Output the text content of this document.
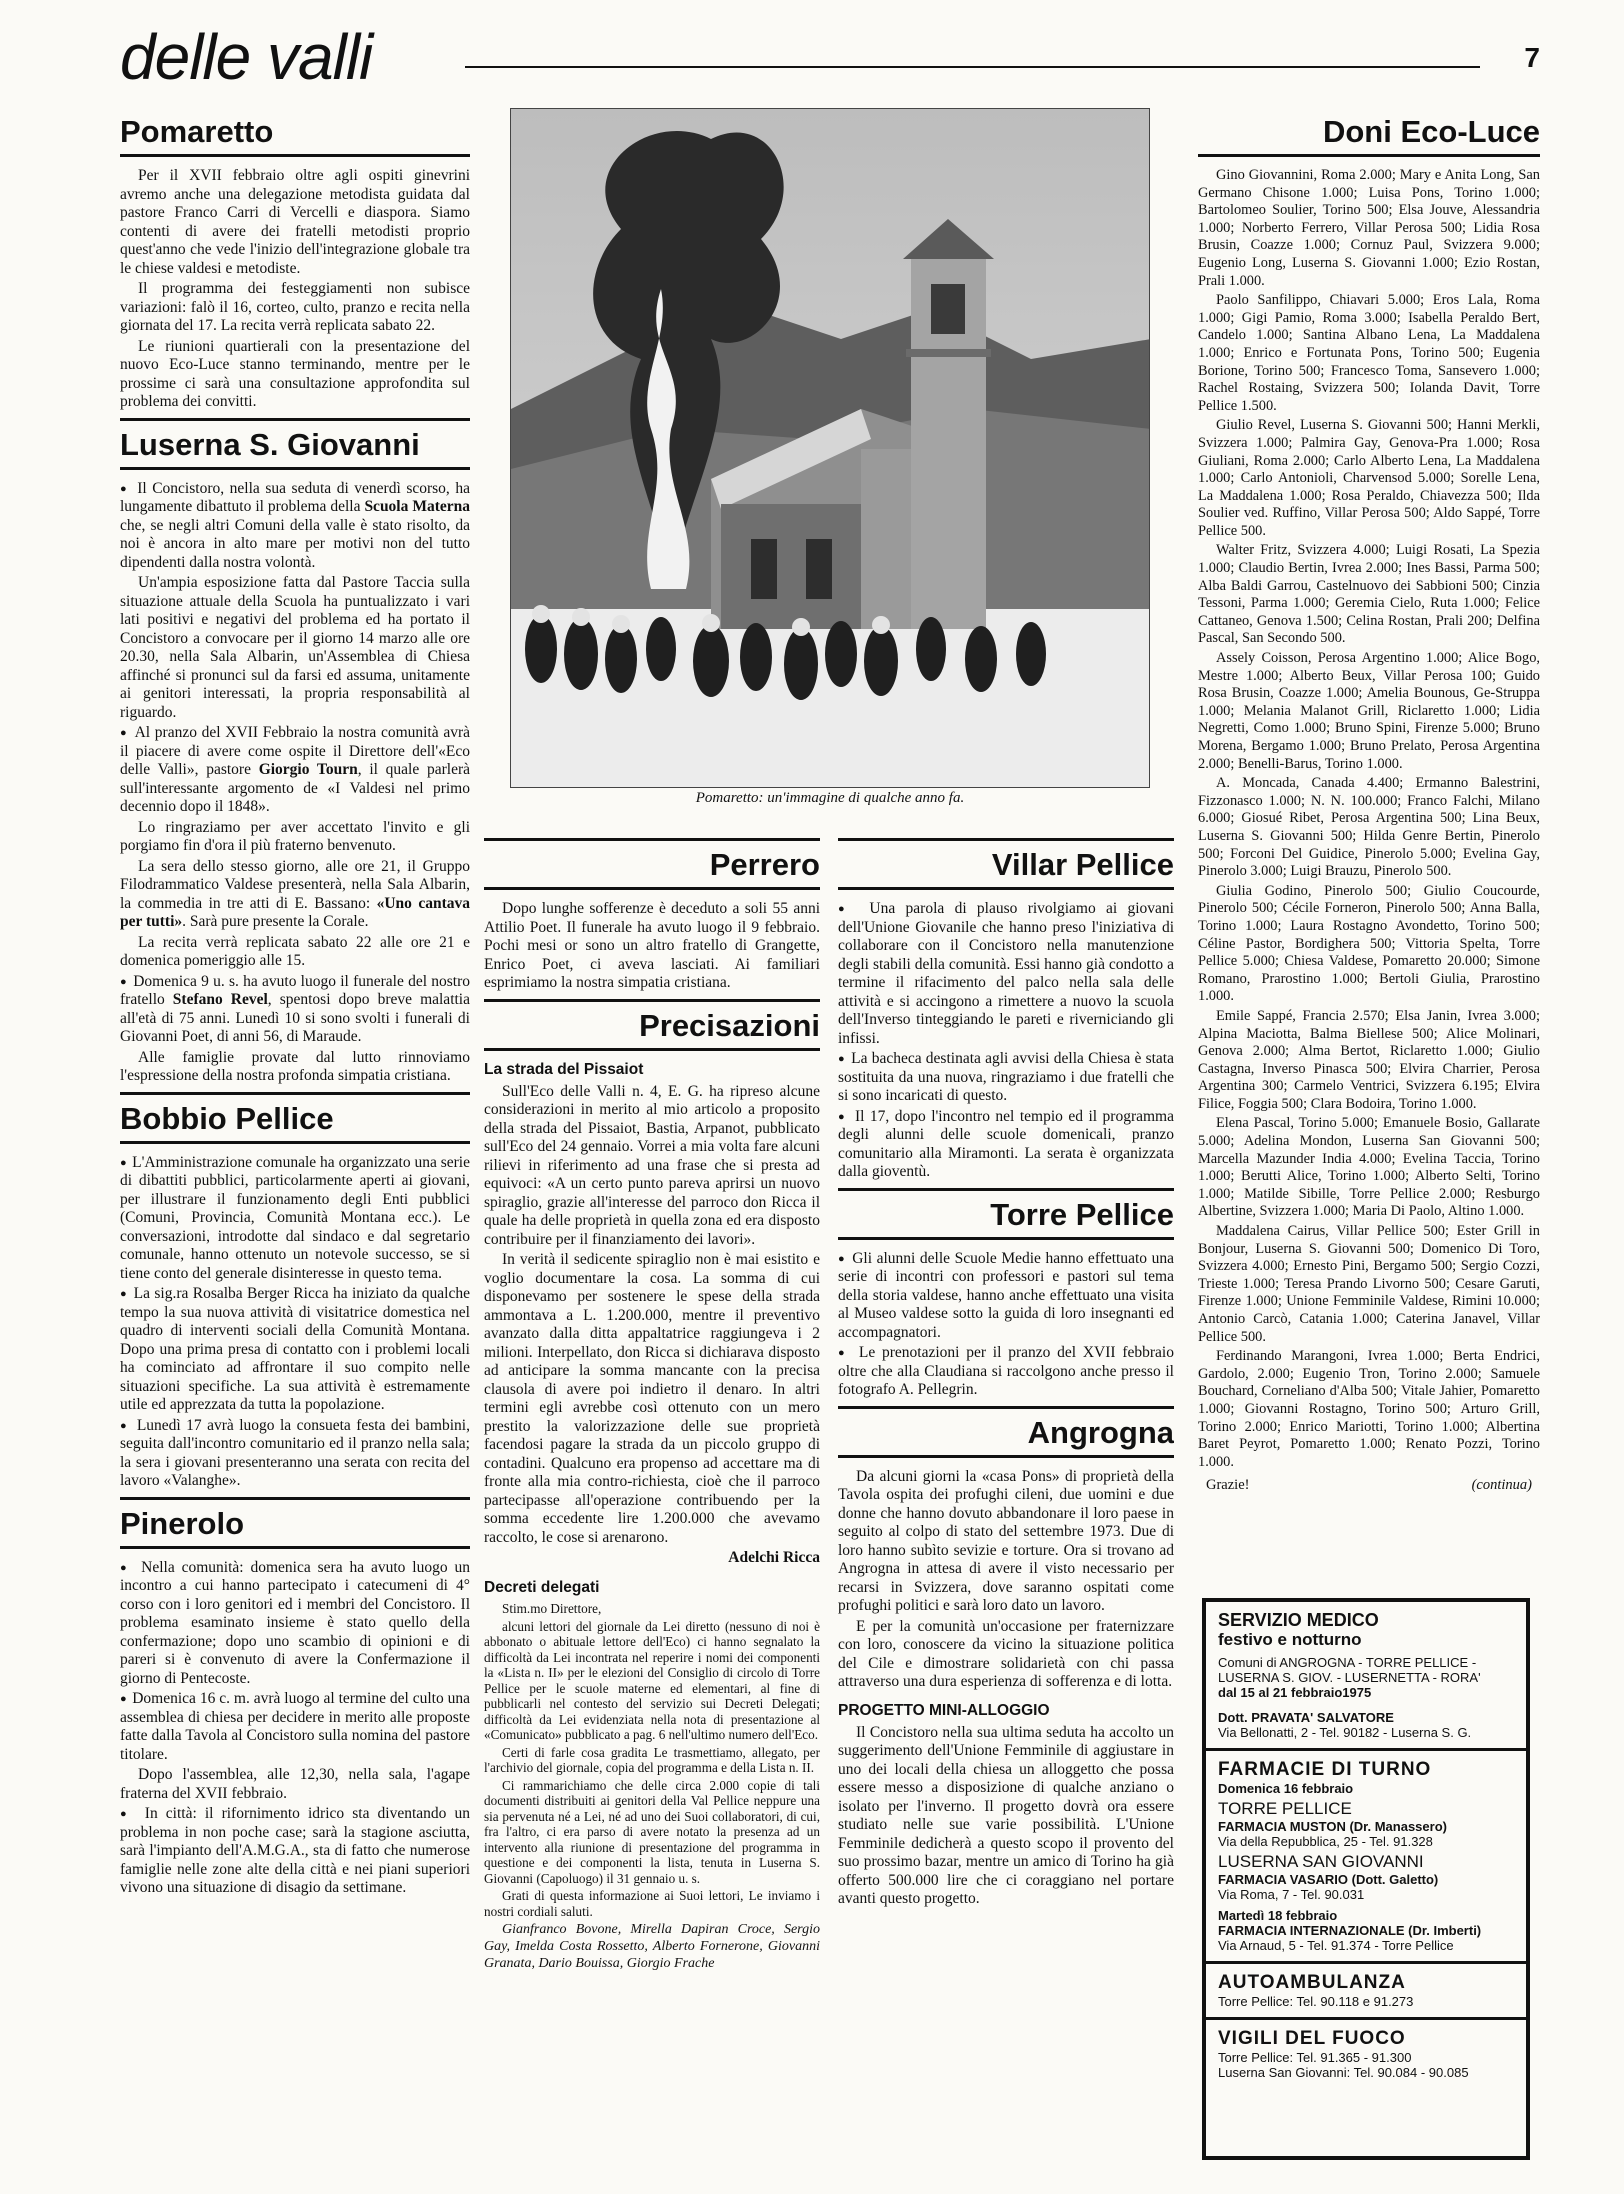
delle valli	7
Pomaretto

Per il XVII febbraio oltre agli ospiti ginevrini avremo anche una delegazione metodista guidata dal pastore Franco Carri di Vercelli e diaspora. Siamo contenti di avere dei fratelli metodisti proprio quest'anno che vede l'inizio dell'integrazione globale tra le chiese valdesi e metodiste.

Il programma dei festeggiamenti non subisce variazioni: falò il 16, corteo, culto, pranzo e recita nella giornata del 17. La recita verrà replicata sabato 22.

Le riunioni quartierali con la presentazione del nuovo Eco-Luce stanno terminando, mentre per le prossime ci sarà una consultazione approfondita sul problema dei convitti.

Luserna S. Giovanni

●  Il Concistoro, nella sua seduta di venerdì scorso, ha lungamente dibattuto il problema della Scuola Materna che, se negli altri Comuni della valle è stato risolto, da noi è ancora in alto mare per motivi non del tutto dipendenti dalla nostra volontà.

Un'ampia esposizione fatta dal Pastore Taccia sulla situazione attuale della Scuola ha puntualizzato i vari lati positivi e negativi del problema ed ha portato il Concistoro a convocare per il giorno 14 marzo alle ore 20.30, nella Sala Albarin, un'Assemblea di Chiesa affinché si pronunci sul da farsi ed assuma, unitamente ai genitori interessati, la propria responsabilità al riguardo.

●  Al pranzo del XVII Febbraio la nostra comunità avrà il piacere di avere come ospite il Direttore dell'«Eco delle Valli», pastore Giorgio Tourn, il quale parlerà sull'interessante argomento de «I Valdesi nel primo decennio dopo il 1848».

Lo ringraziamo per aver accettato l'invito e gli porgiamo fin d'ora il più fraterno benvenuto.

La sera dello stesso giorno, alle ore 21, il Gruppo Filodrammatico Valdese presenterà, nella Sala Albarin, la commedia in tre atti di E. Bassano: «Uno cantava per tutti». Sarà pure presente la Corale.

La recita verrà replicata sabato 22 alle ore 21 e domenica pomeriggio alle 15.

●  Domenica 9 u. s. ha avuto luogo il funerale del nostro fratello Stefano Revel, spentosi dopo breve malattia all'età di 75 anni. Lunedì 10 si sono svolti i funerali di Giovanni Poet, di anni 56, di Maraude.

Alle famiglie provate dal lutto rinnoviamo l'espressione della nostra profonda simpatia cristiana.

Bobbio Pellice

●  L'Amministrazione comunale ha organizzato una serie di dibattiti pubblici, particolarmente aperti ai giovani, per illustrare il funzionamento degli Enti pubblici (Comuni, Provincia, Comunità Montana ecc.). Le conversazioni, introdotte dal sindaco e dal segretario comunale, hanno ottenuto un notevole successo, se si tiene conto del generale disinteresse in questo tema.

●  La sig.ra Rosalba Berger Ricca ha iniziato da qualche tempo la sua nuova attività di visitatrice domestica nel quadro di interventi sociali della Comunità Montana. Dopo una prima presa di contatto con i problemi locali ha cominciato ad affrontare il suo compito nelle situazioni specifiche. La sua attività è estremamente utile ed apprezzata da tutta la popolazione.

●  Lunedì 17 avrà luogo la consueta festa dei bambini, seguita dall'incontro comunitario ed il pranzo nella sala; la sera i giovani presenteranno una serata con recita del lavoro «Valanghe».

Pinerolo

●  Nella comunità: domenica sera ha avuto luogo un incontro a cui hanno partecipato i catecumeni di 4° corso con i loro genitori ed i membri del Concistoro. Il problema esaminato insieme è stato quello della confermazione; dopo uno scambio di opinioni e di pareri si è convenuto di avere la Confermazione il giorno di Pentecoste.

●  Domenica 16 c. m. avrà luogo al termine del culto una assemblea di chiesa per decidere in merito alle proposte fatte dalla Tavola al Concistoro sulla nomina del pastore titolare.

Dopo l'assemblea, alle 12,30, nella sala, l'agape fraterna del XVII febbraio.

●  In città: il rifornimento idrico sta diventando un problema in non poche case; sarà la stagione asciutta, sarà l'impianto dell'A.M.G.A., sta di fatto che numerose famiglie nelle zone alte della città e nei piani superiori vivono una situazione di disagio da settimane.

Pomaretto: un'immagine di qualche anno fa.
Perrero

Dopo lunghe sofferenze è deceduto a soli 55 anni Attilio Poet. Il funerale ha avuto luogo il 9 febbraio. Pochi mesi or sono un altro fratello di Grangette, Enrico Poet, ci aveva lasciati. Ai familiari esprimiamo la nostra simpatia cristiana.

Precisazioni
La strada del Pissaiot

Sull'Eco delle Valli n. 4, E. G. ha ripreso alcune considerazioni in merito al mio articolo a proposito della strada del Pissaiot, Bastia, Arpanot, pubblicato sull'Eco del 24 gennaio. Vorrei a mia volta fare alcuni rilievi in riferimento ad una frase che si presta ad equivoci: «A un certo punto pareva aprirsi un nuovo spiraglio, grazie all'interesse del parroco don Ricca il quale ha delle proprietà in quella zona ed era disposto contribuire per il finanziamento dei lavori».

In verità il sedicente spiraglio non è mai esistito e voglio documentare la cosa. La somma di cui disponevamo per sostenere le spese della strada ammontava a L. 1.200.000, mentre il preventivo avanzato dalla ditta appaltatrice raggiungeva i 2 milioni. Interpellato, don Ricca si dichiarava disposto ad anticipare la somma mancante con la precisa clausola di avere poi indietro il denaro. In altri termini egli avrebbe così ottenuto con un mero prestito la valorizzazione delle sue proprietà facendosi pagare la strada da un piccolo gruppo di contadini. Qualcuno era propenso ad accettare ma di fronte alla mia contro-richiesta, cioè che il parroco partecipasse all'operazione contribuendo per la somma eccedente lire 1.200.000 che avevamo raccolto, le cose si arenarono.

Adelchi Ricca
Decreti delegati

Stim.mo Direttore,

alcuni lettori del giornale da Lei diretto (nessuno di noi è abbonato o abituale lettore dell'Eco) ci hanno segnalato la difficoltà da Lei incontrata nel reperire i nomi dei componenti la «Lista n. II» per le elezioni del Consiglio di circolo di Torre Pellice per le scuole materne ed elementari, al fine di pubblicarli nel contesto del servizio sui Decreti Delegati; difficoltà da Lei evidenziata nella nota di presentazione al «Comunicato» pubblicato a pag. 6 nell'ultimo numero dell'Eco.

Certi di farle cosa gradita Le trasmettiamo, allegato, per l'archivio del giornale, copia del programma e della Lista n. II.

Ci rammarichiamo che delle circa 2.000 copie di tali documenti distribuiti ai genitori della Val Pellice neppure una sia pervenuta né a Lei, né ad uno dei Suoi collaboratori, di cui, fra l'altro, ci era parso di avere notato la presenza ad un intervento alla riunione di presentazione del programma in questione e dei componenti la lista, tenuta in Luserna S. Giovanni (Capoluogo) il 31 gennaio u. s.

Grati di questa informazione ai Suoi lettori, Le inviamo i nostri cordiali saluti.

Gianfranco Bovone, Mirella Dapiran Croce, Sergio Gay, Imelda Costa Rossetto, Alberto Fornerone, Giovanni Granata, Dario Bouissa, Giorgio Frache
Villar Pellice

●  Una parola di plauso rivolgiamo ai giovani dell'Unione Giovanile che hanno preso l'iniziativa di collaborare con il Concistoro nella manutenzione degli stabili della comunità. Essi hanno già condotto a termine il rifacimento del palco nella sala delle attività e si accingono a rimettere a nuovo la scuola dell'Inverso tinteggiando le pareti e riverniciando gli infissi.

●  La bacheca destinata agli avvisi della Chiesa è stata sostituita da una nuova, ringraziamo i due fratelli che si sono incaricati di questo.

●  Il 17, dopo l'incontro nel tempio ed il programma degli alunni delle scuole domenicali, pranzo comunitario alla Miramonti. La serata è organizzata dalla gioventù.

Torre Pellice

●  Gli alunni delle Scuole Medie hanno effettuato una serie di incontri con professori e pastori sul tema della storia valdese, hanno anche effettuato una visita al Museo valdese sotto la guida di loro insegnanti ed accompagnatori.

●  Le prenotazioni per il pranzo del XVII febbraio oltre che alla Claudiana si raccolgono anche presso il fotografo A. Pellegrin.

Angrogna

Da alcuni giorni la «casa Pons» di proprietà della Tavola ospita dei profughi cileni, due uomini e due donne che hanno dovuto abbandonare il loro paese in seguito al colpo di stato del settembre 1973. Due di loro hanno subìto sevizie e torture. Ora si trovano ad Angrogna in attesa di avere il visto necessario per recarsi in Svizzera, dove saranno ospitati come profughi politici e sarà loro dato un lavoro.

E per la comunità un'occasione per fraternizzare con loro, conoscere da vicino la situazione politica del Cile e dimostrare solidarietà con chi passa attraverso una dura esperienza di sofferenza e di lotta.

PROGETTO MINI-ALLOGGIO

Il Concistoro nella sua ultima seduta ha accolto un suggerimento dell'Unione Femminile di aggiustare in uno dei locali della chiesa un alloggetto che possa essere messo a disposizione di qualche anziano o isolato per l'inverno. Il progetto dovrà ora essere studiato nelle sue varie possibilità. L'Unione Femminile dedicherà a questo scopo il provento del suo prossimo bazar, mentre un amico di Torino ha già offerto 500.000 lire che ci coraggiano nel portare avanti questo progetto.

Doni Eco-Luce

Gino Giovannini, Roma 2.000; Mary e Anita Long, San Germano Chisone 1.000; Luisa Pons, Torino 1.000; Bartolomeo Soulier, Torino 500; Elsa Jouve, Alessandria 1.000; Norberto Ferrero, Villar Perosa 500; Lidia Rosa Brusin, Coazze 1.000; Cornuz Paul, Svizzera 9.000; Eugenio Long, Luserna S. Giovanni 1.000; Ezio Rostan, Prali 1.000.

Paolo Sanfilippo, Chiavari 5.000; Eros Lala, Roma 1.000; Gigi Pamio, Roma 3.000; Isabella Peraldo Bert, Candelo 1.000; Santina Albano Lena, La Maddalena 1.000; Enrico e Fortunata Pons, Torino 500; Eugenia Borione, Torino 500; Francesco Toma, Sansevero 1.000; Rachel Rostaing, Svizzera 500; Iolanda Davit, Torre Pellice 1.500.

Giulio Revel, Luserna S. Giovanni 500; Hanni Merkli, Svizzera 1.000; Palmira Gay, Genova-Pra 1.000; Rosa Giuliani, Roma 2.000; Carlo Alberto Lena, La Maddalena 1.000; Carlo Antonioli, Charvensod 5.000; Sorelle Lena, La Maddalena 1.000; Rosa Peraldo, Chiavezza 500; Ilda Soulier ved. Ruffino, Villar Perosa 500; Aldo Sappé, Torre Pellice 500.

Walter Fritz, Svizzera 4.000; Luigi Rosati, La Spezia 1.000; Claudio Bertin, Ivrea 2.000; Ines Bassi, Parma 500; Alba Baldi Garrou, Castelnuovo dei Sabbioni 500; Cinzia Tessoni, Parma 1.000; Geremia Cielo, Ruta 1.000; Felice Cattaneo, Genova 1.500; Celina Rostan, Prali 200; Delfina Pascal, San Secondo 500.

Assely Coisson, Perosa Argentino 1.000; Alice Bogo, Mestre 1.000; Alberto Beux, Villar Perosa 100; Guido Rosa Brusin, Coazze 1.000; Amelia Bounous, Ge-Struppa 1.000; Melania Malanot Grill, Riclaretto 1.000; Lidia Negretti, Como 1.000; Bruno Spini, Firenze 5.000; Bruno Morena, Bergamo 1.000; Bruno Prelato, Perosa Argentina 2.000; Benelli-Barus, Torino 1.000.

A. Moncada, Canada 4.400; Ermanno Balestrini, Fizzonasco 1.000; N. N. 100.000; Franco Falchi, Milano 6.000; Giosué Ribet, Perosa Argentina 500; Lina Beux, Luserna S. Giovanni 500; Hilda Genre Bertin, Pinerolo 500; Forconi Del Guidice, Pinerolo 5.000; Evelina Gay, Pinerolo 3.000; Luigi Brauzu, Pinerolo 500.

Giulia Godino, Pinerolo 500; Giulio Coucourde, Pinerolo 500; Cécile Forneron, Pinerolo 500; Anna Balla, Torino 1.000; Laura Rostagno Avondetto, Torino 500; Céline Pastor, Bordighera 500; Vittoria Spelta, Torre Pellice 5.000; Chiesa Valdese, Pomaretto 20.000; Simone Romano, Prarostino 1.000; Bertoli Giulia, Prarostino 1.000.

Emile Sappé, Francia 2.570; Elsa Janin, Ivrea 3.000; Alpina Maciotta, Balma Biellese 500; Alice Molinari, Genova 2.000; Alma Bertot, Riclaretto 1.000; Giulio Castagna, Inverso Pinasca 500; Elvira Charrier, Perosa Argentina 300; Carmelo Ventrici, Svizzera 6.195; Elvira Filice, Foggia 500; Clara Bodoira, Torino 1.000.

Elena Pascal, Torino 5.000; Emanuele Bosio, Gallarate 5.000; Adelina Mondon, Luserna San Giovanni 500; Marcella Mazunder India 4.000; Evelina Taccia, Torino 1.000; Berutti Alice, Torino 1.000; Alberto Selti, Torino 1.000; Matilde Sibille, Torre Pellice 2.000; Resburgo Albertine, Svizzera 1.000; Maria Di Paolo, Altino 1.000.

Maddalena Cairus, Villar Pellice 500; Ester Grill in Bonjour, Luserna S. Giovanni 500; Domenico Di Toro, Svizzera 4.000; Ernesto Pini, Bergamo 500; Sergio Cozzi, Trieste 1.000; Teresa Prando Livorno 500; Cesare Garuti, Firenze 1.000; Unione Femminile Valdese, Rimini 10.000; Antonio Carcò, Catania 1.000; Caterina Janavel, Villar Pellice 500.

Ferdinando Marangoni, Ivrea 1.000; Berta Endrici, Gardolo, 2.000; Eugenio Tron, Torino 2.000; Samuele Bouchard, Corneliano d'Alba 500; Vitale Jahier, Pomaretto 1.000; Giovanni Rostagno, Torino 500; Arturo Grill, Torino 2.000; Enrico Mariotti, Torino 1.000; Albertina Baret Peyrot, Pomaretto 1.000; Renato Pozzi, Torino 1.000.

Grazie!	(continua)
SERVIZIO MEDICO
festivo e notturno
Comuni di ANGROGNA - TORRE PELLICE -
LUSERNA S. GIOV. - LUSERNETTA - RORA'
dal 15 al 21 febbraio1975
Dott. PRAVATA' SALVATORE
Via Bellonatti, 2 - Tel. 90182 - Luserna S. G.
FARMACIE DI TURNO
Domenica 16 febbraio
TORRE PELLICE
FARMACIA MUSTON (Dr. Manassero)
Via della Repubblica, 25 - Tel. 91.328
LUSERNA SAN GIOVANNI
FARMACIA VASARIO (Dott. Galetto)
Via Roma, 7 - Tel. 90.031
Martedì 18 febbraio
FARMACIA INTERNAZIONALE (Dr. Imberti)
Via Arnaud, 5 - Tel. 91.374 - Torre Pellice
AUTOAMBULANZA
Torre Pellice: Tel. 90.118 e 91.273
VIGILI DEL FUOCO
Torre Pellice: Tel. 91.365 - 91.300
Luserna San Giovanni: Tel. 90.084 - 90.085
